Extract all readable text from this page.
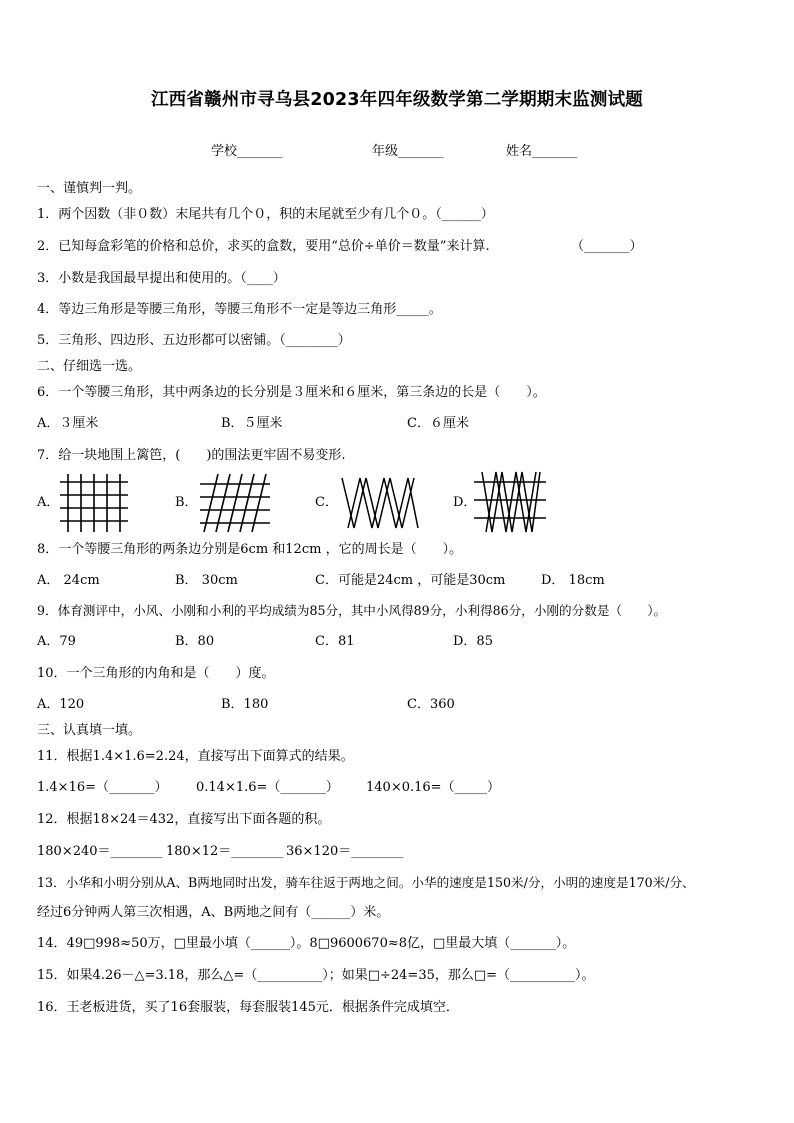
江西省赣州市寻乌县2023年四年级数学第二学期期末监测试题
学校_______	年级_______	姓名_______
一、谨慎判一判。
1．两个因数（非０数）末尾共有几个０，积的末尾就至少有几个０。（______）
2．已知每盒彩笔的价格和总价，求买的盒数，要用“总价÷单价＝数量”来计算.	（_______）
3．小数是我国最早提出和使用的。（____）
4．等边三角形是等腰三角形，等腰三角形不一定是等边三角形_____。
5．三角形、四边形、五边形都可以密铺。（________）
二、仔细选一选。
6．一个等腰三角形，其中两条边的长分别是３厘米和６厘米，第三条边的长是（　　）。
A．３厘米	B．５厘米	C．６厘米
7．给一块地围上篱笆，(　　)的围法更牢固不易变形.
A．	B．	C．	D．
8．一个等腰三角形的两条边分别是6cm 和12cm ，它的周长是（　　）。
A． 24cm	B． 30cm	C．可能是24cm ，可能是30cm	D． 18cm
9．体育测评中，小风、小刚和小利的平均成绩为85分，其中小风得89分，小利得86分，小刚的分数是（　　）。
A．79	B．80	C．81	D．85
10．一个三角形的内角和是（　　）度。
A．120	B．180	C．360
三、认真填一填。
11．根据1.4×1.6=2.24，直接写出下面算式的结果。
1.4×16=（_______） 0.14×1.6=（_______） 140×0.16=（_____）
12．根据18×24＝432，直接写出下面各题的积。
180×240＝________ 180×12＝________ 36×120＝________
13．小华和小明分别从A、B两地同时出发，骑车往返于两地之间。小华的速度是150米/分，小明的速度是170米/分、
经过6分钟两人第三次相遇，A、B两地之间有（______）米。
14．49□998≈50万，□里最小填（______）。8□9600670≈8亿，□里最大填（_______）。
15．如果4.26－△=3.18，那么△=（__________）；如果□÷24=35，那么□=（__________）。
16．王老板进货，买了16套服装，每套服装145元．根据条件完成填空．
